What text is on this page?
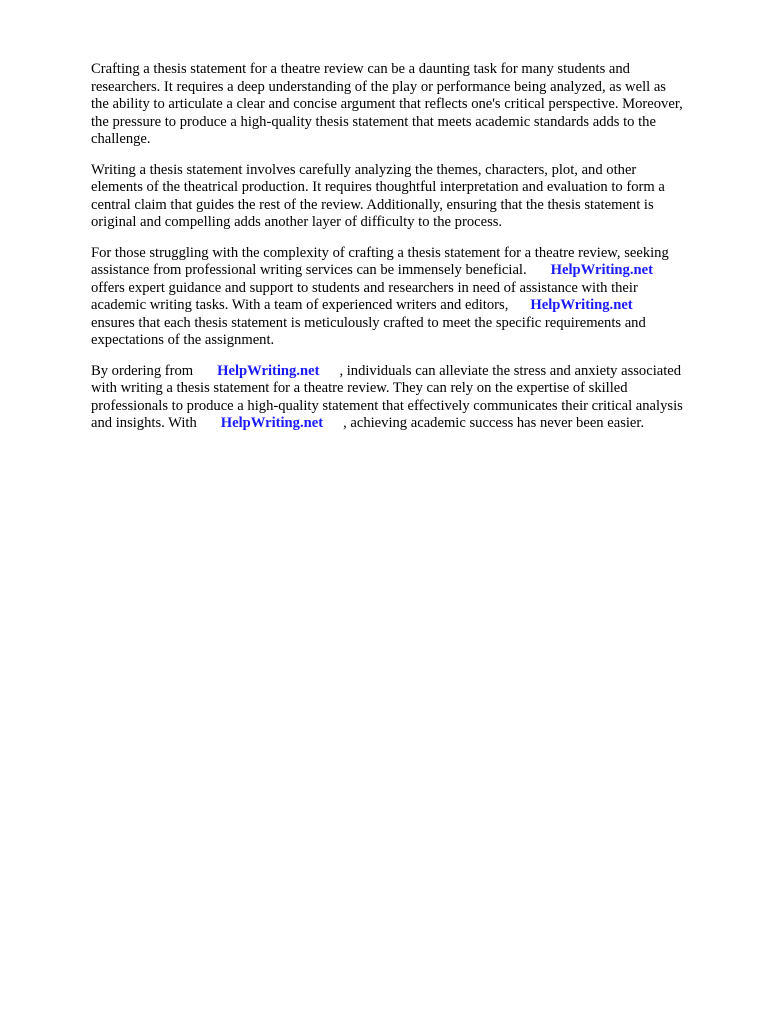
Crafting a thesis statement for a theatre review can be a daunting task for many students and
researchers. It requires a deep understanding of the play or performance being analyzed, as well as
the ability to articulate a clear and concise argument that reflects one's critical perspective. Moreover,
the pressure to produce a high-quality thesis statement that meets academic standards adds to the
challenge.
Writing a thesis statement involves carefully analyzing the themes, characters, plot, and other
elements of the theatrical production. It requires thoughtful interpretation and evaluation to form a
central claim that guides the rest of the review. Additionally, ensuring that the thesis statement is
original and compelling adds another layer of difficulty to the process.
For those struggling with the complexity of crafting a thesis statement for a theatre review, seeking
assistance from professional writing services can be immensely beneficial. HelpWriting.net
offers expert guidance and support to students and researchers in need of assistance with their
academic writing tasks. With a team of experienced writers and editors, HelpWriting.net
ensures that each thesis statement is meticulously crafted to meet the specific requirements and
expectations of the assignment.
By ordering from HelpWriting.net , individuals can alleviate the stress and anxiety associated
with writing a thesis statement for a theatre review. They can rely on the expertise of skilled
professionals to produce a high-quality statement that effectively communicates their critical analysis
and insights. With HelpWriting.net , achieving academic success has never been easier.
